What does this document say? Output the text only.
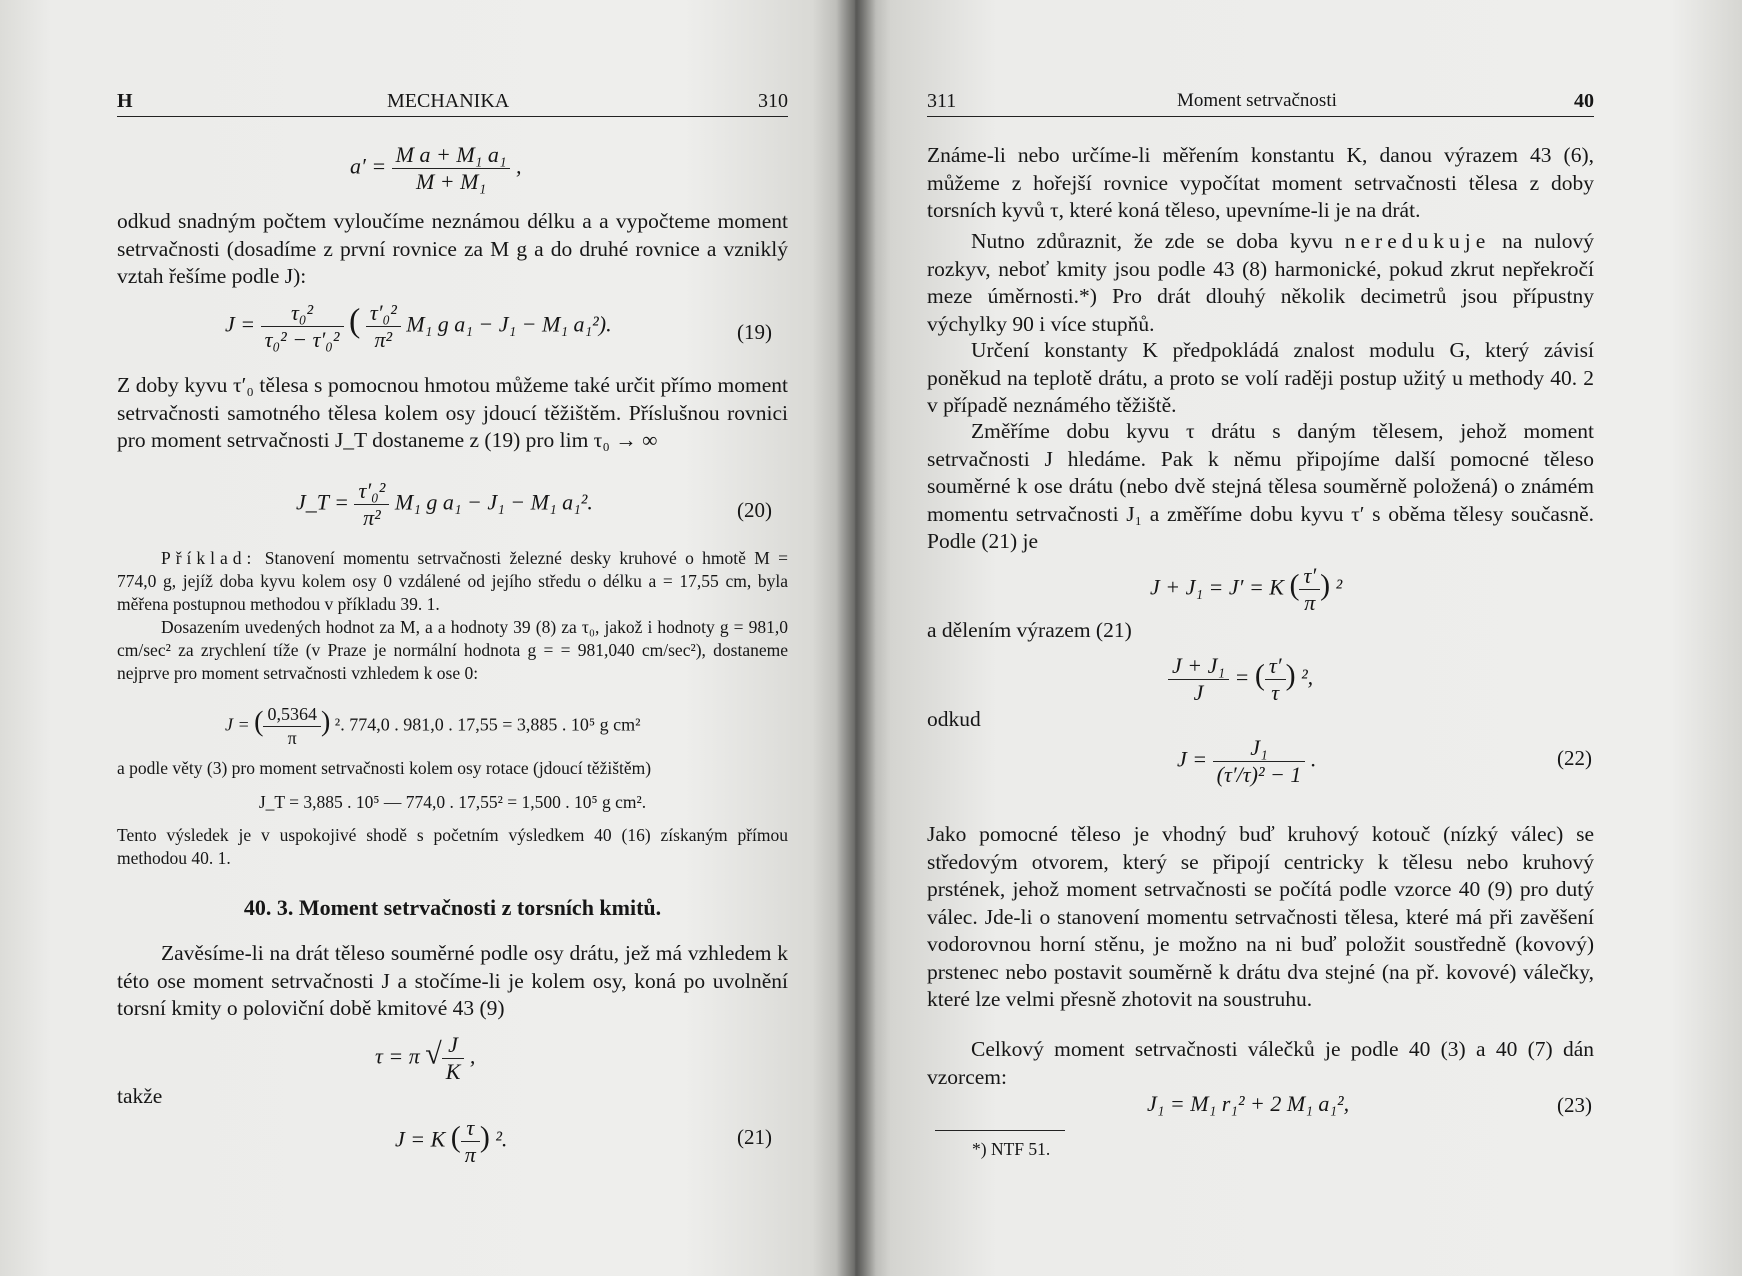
H	MECHANIKA	310
$a' = \frac{\text{M a + M₁ a₁}}{\text{M + M₁}}$ ,
odkud snadným počtem vyloučíme neznámou délku a a vypočteme moment setrvačnosti (dosadíme z první rovnice za M g a do druhé rovnice a vzniklý vztah řešíme podle J):
$J = \frac{\text{τ₀²}}{\text{τ₀² − τ′₀²}}$ ( $\frac{\text{τ′₀²}}{\text{π²}} M_1$ g a₁ − J₁ − M₁ a₁²).	(19)
Z doby kyvu τ′₀ tělesa s pomocnou hmotou můžeme také určit přímo moment setrvačnosti samotného tělesa kolem osy jdoucí těžištěm. Příslušnou rovnici pro moment setrvačnosti J_T dostaneme z (19) pro lim τ₀ → ∞
J_T = $\frac{\text{τ′₀²}}{\text{π²}} M_1$ g a₁ − J₁ − M₁ a₁².	(20)
Příklad: Stanovení momentu setrvačnosti železné desky kruhové o hmotě M = 774,0 g, jejíž doba kyvu kolem osy 0 vzdálené od jejího středu o délku a = 17,55 cm, byla měřena postupnou methodou v příkladu 39. 1.
Dosazením uvedených hodnot za M, a a hodnoty 39 (8) za τ₀, jakož i hodnoty g = 981,0 cm/sec² za zrychlení tíže (v Praze je normální hodnota g = = 981,040 cm/sec²), dostaneme nejprve pro moment setrvačnosti vzhledem k ose 0:
J = ( $\frac{0,5364}{\pi}$ ) ². 774,0 . 981,0 . 17,55 = 3,885 . 10⁵ g cm²
a podle věty (3) pro moment setrvačnosti kolem osy rotace (jdoucí těžištěm)
J_T = 3,885 . 10⁵ — 774,0 . 17,55² = 1,500 . 10⁵ g cm².
Tento výsledek je v uspokojivé shodě s početním výsledkem 40 (16) získaným přímou methodou 40. 1.
40. 3. Moment setrvačnosti z torsních kmitů.
Zavěsíme-li na drát těleso souměrné podle osy drátu, jež má vzhledem k této ose moment setrvačnosti J a stočíme-li je kolem osy, koná po uvolnění torsní kmity o poloviční době kmitové 43 (9)
τ = π √ $\frac{J}{K}$ ,
takže
J = K ( $\frac{\tau}{\pi}$ ) ².	(21)
311	Moment setrvačnosti	40
Známe-li nebo určíme-li měřením konstantu K, danou výrazem 43 (6), můžeme z hořejší rovnice vypočítat moment setrvačnosti tělesa z doby torsních kyvů τ, které koná těleso, upevníme-li je na drát.
Nutno zdůraznit, že zde se doba kyvu neredukuje na nulový rozkyv, neboť kmity jsou podle 43 (8) harmonické, pokud zkrut nepřekročí meze úměrnosti.*) Pro drát dlouhý několik decimetrů jsou přípustny výchylky 90 i více stupňů.
Určení konstanty K předpokládá znalost modulu G, který závisí poněkud na teplotě drátu, a proto se volí raději postup užitý u methody 40. 2 v případě neznámého těžiště.
Změříme dobu kyvu τ drátu s daným tělesem, jehož moment setrvačnosti J hledáme. Pak k němu připojíme další pomocné těleso souměrné k ose drátu (nebo dvě stejná tělesa souměrně položená) o známém momentu setrvačnosti J₁ a změříme dobu kyvu τ′ s oběma tělesy současně. Podle (21) je
J + J₁ = J′ = K ( $\frac{\tau'}{\pi}$ ) ²
a dělením výrazem (21)
$\frac{\text{J + J₁}}{J}$ = ( $\frac{\tau'}{\tau}$ ) ²,
odkud
$J = \frac{\text{J₁}}{\text{(τ′/τ)² − 1}}$ .	(22)
Jako pomocné těleso je vhodný buď kruhový kotouč (nízký válec) se středovým otvorem, který se připojí centricky k tělesu nebo kruhový prstének, jehož moment setrvačnosti se počítá podle vzorce 40 (9) pro dutý válec. Jde-li o stanovení momentu setrvačnosti tělesa, které má při zavěšení vodorovnou horní stěnu, je možno na ni buď položit soustředně (kovový) prstenec nebo postavit souměrně k drátu dva stejné (na př. kovové) válečky, které lze velmi přesně zhotovit na soustruhu.
Celkový moment setrvačnosti válečků je podle 40 (3) a 40 (7) dán vzorcem:
J₁ = M₁ r₁² + 2 M₁ a₁²,	(23)
*) NTF 51.
